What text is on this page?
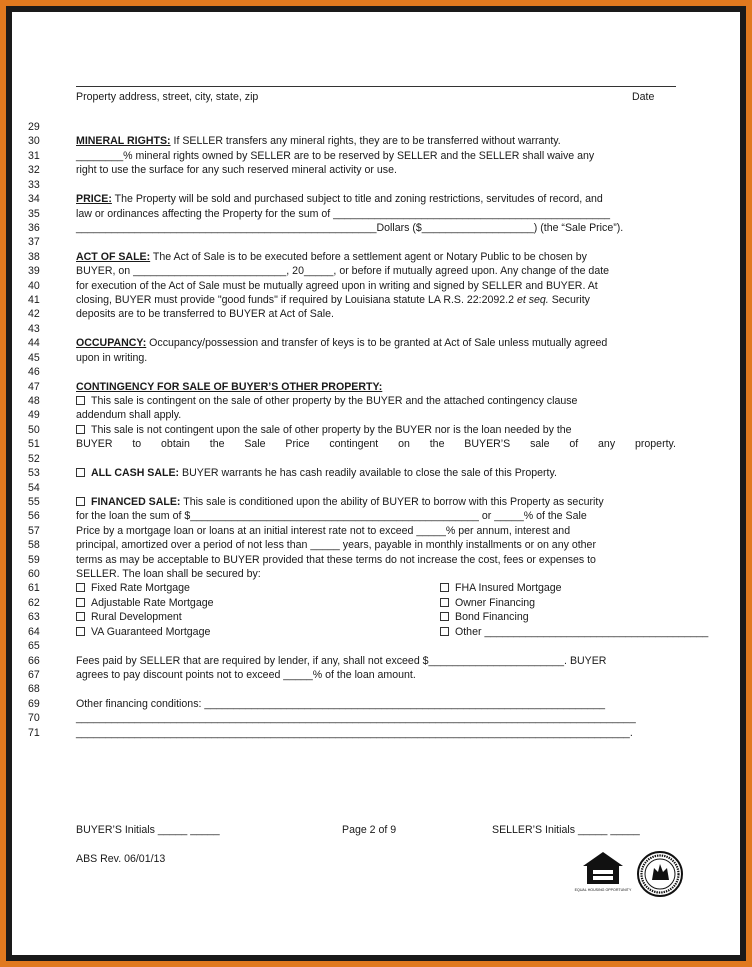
Property address, street, city, state, zip	Date
29
30	MINERAL RIGHTS: If SELLER transfers any mineral rights, they are to be transferred without warranty.
31	________% mineral rights owned by SELLER are to be reserved by SELLER and the SELLER shall waive any
32	right to use the surface for any such reserved mineral activity or use.
33
34	PRICE: The Property will be sold and purchased subject to title and zoning restrictions, servitudes of record, and
35	law or ordinances affecting the Property for the sum of _______________________________________________
36	___________________________________________________Dollars ($___________________) (the “Sale Price”).
37
38	ACT OF SALE: The Act of Sale is to be executed before a settlement agent or Notary Public to be chosen by
39	BUYER, on __________________________, 20_____, or before if mutually agreed upon. Any change of the date
40	for execution of the Act of Sale must be mutually agreed upon in writing and signed by SELLER and BUYER. At
41	closing, BUYER must provide "good funds" if required by Louisiana statute LA R.S. 22:2092.2 et seq. Security
42	deposits are to be transferred to BUYER at Act of Sale.
43
44	OCCUPANCY: Occupancy/possession and transfer of keys is to be granted at Act of Sale unless mutually agreed
45	upon in writing.
46
47	CONTINGENCY FOR SALE OF BUYER’S OTHER PROPERTY:
48	This sale is contingent on the sale of other property by the BUYER and the attached contingency clause
49	addendum shall apply.
50	This sale is not contingent upon the sale of other property by the BUYER nor is the loan needed by the
51	BUYER to obtain the Sale Price contingent on the BUYER’S sale of any property.
52
53	ALL CASH SALE: BUYER warrants he has cash readily available to close the sale of this Property.
54
55	FINANCED SALE: This sale is conditioned upon the ability of BUYER to borrow with this Property as security
56	for the loan the sum of $_________________________________________________ or _____% of the Sale
57	Price by a mortgage loan or loans at an initial interest rate not to exceed _____% per annum, interest and
58	principal, amortized over a period of not less than _____ years, payable in monthly installments or on any other
59	terms as may be acceptable to BUYER provided that these terms do not increase the cost, fees or expenses to
60	SELLER. The loan shall be secured by:
61	Fixed Rate Mortgage	FHA Insured Mortgage
62	Adjustable Rate Mortgage	Owner Financing
63	Rural Development	Bond Financing
64	VA Guaranteed Mortgage	Other ______________________________________
65
66	Fees paid by SELLER that are required by lender, if any, shall not exceed $_______________________. BUYER
67	agrees to pay discount points not to exceed _____% of the loan amount.
68
69	Other financing conditions: ____________________________________________________________________
70	_______________________________________________________________________________________________
71	______________________________________________________________________________________________.
BUYER’S Initials _____ _____	Page 2 of 9	SELLER’S Initials _____ _____
ABS Rev. 06/01/13
EQUAL HOUSING OPPORTUNITY
